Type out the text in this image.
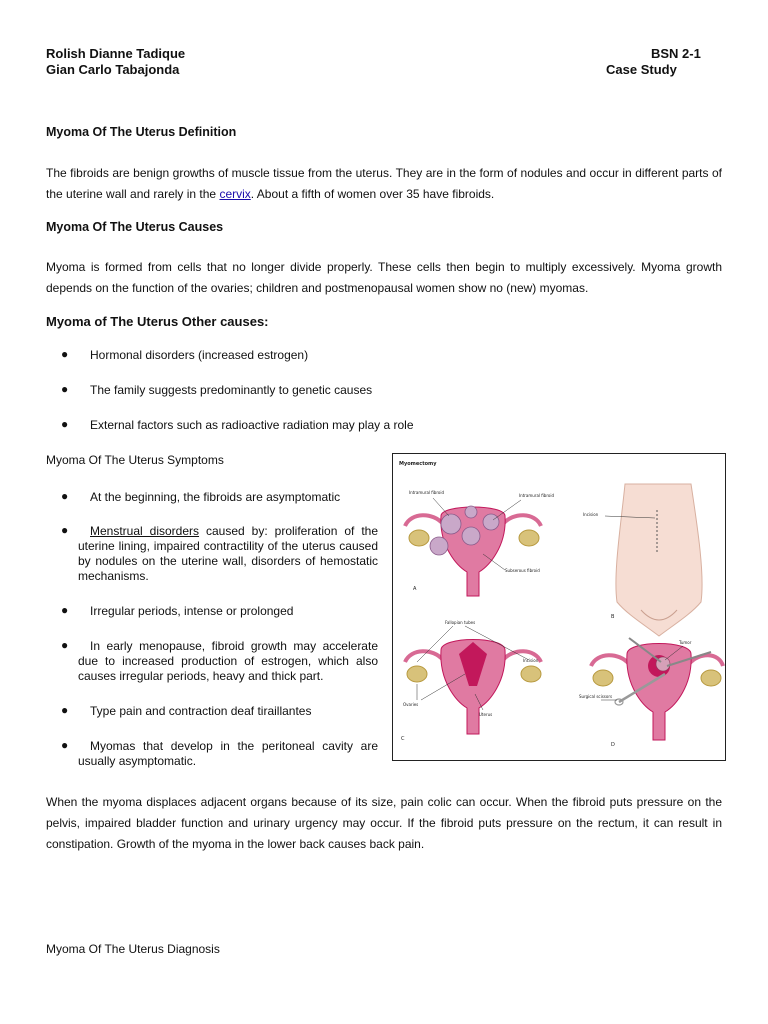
Rolish Dianne Tadique
Gian Carlo Tabajonda
BSN 2-1
Case Study
Myoma Of The Uterus Definition
The fibroids are benign growths of muscle tissue from the uterus. They are in the form of nodules and occur in different parts of the uterine wall and rarely in the cervix. About a fifth of women over 35 have fibroids.
Myoma Of The Uterus Causes
Myoma is formed from cells that no longer divide properly. These cells then begin to multiply excessively. Myoma growth depends on the function of the ovaries; children and postmenopausal women show no (new) myomas.
Myoma of The Uterus Other causes:
● Hormonal disorders (increased estrogen)
● The family suggests predominantly to genetic causes
● External factors such as radioactive radiation may play a role
Myoma Of The Uterus Symptoms
● At the beginning, the fibroids are asymptomatic
● Menstrual disorders caused by: proliferation of the uterine lining, impaired contractility of the uterus caused by nodules on the uterine wall, disorders of hemostatic mechanisms.
● Irregular periods, intense or prolonged
● In early menopause, fibroid growth may accelerate due to increased production of estrogen, which also causes irregular periods, heavy and thick part.
● Type pain and contraction deaf tiraillantes
● Myomas that develop in the peritoneal cavity are usually asymptomatic.
Myomectomy
Intramural fibroid
Intramural fibroid
Subserous fibroid
A
Incision
B
Fallopian tubes
Incision
Ovaries
Uterus
C
Tumor
Surgical scissors
D
When the myoma displaces adjacent organs because of its size, pain colic can occur. When the fibroid puts pressure on the pelvis, impaired bladder function and urinary urgency may occur. If the fibroid puts pressure on the rectum, it can result in constipation. Growth of the myoma in the lower back causes back pain.
Myoma Of The Uterus Diagnosis
